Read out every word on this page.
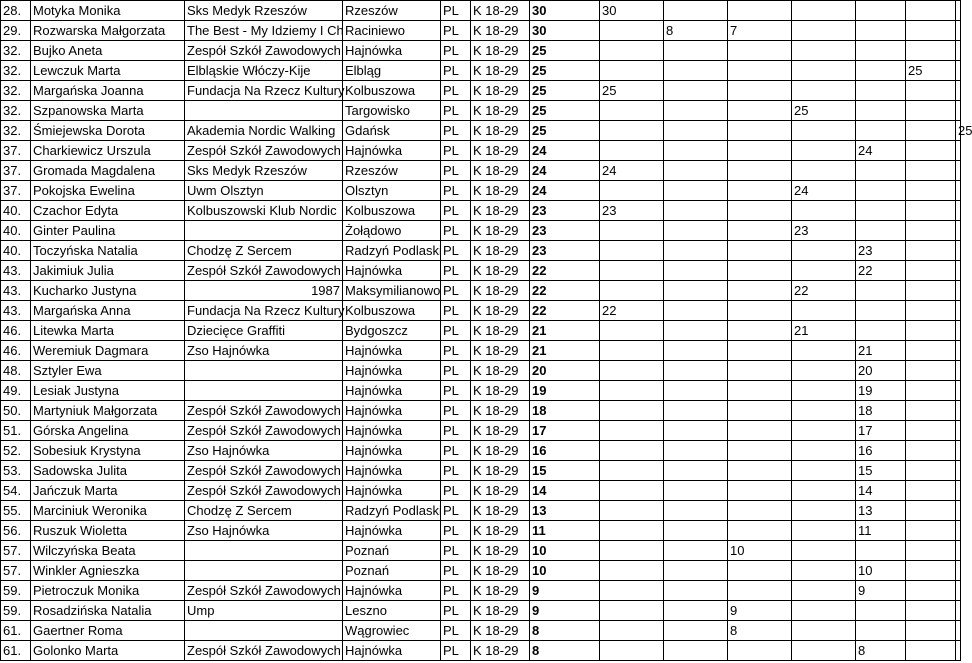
28.	Motyka Monika	Sks Medyk Rzeszów	Rzeszów	PL	K 18-29	30	30						
29.	Rozwarska Małgorzata	The Best - My Idziemy I Ch	Raciniewo	PL	K 18-29	30		8	7				
32.	Bujko Aneta	Zespół Szkół Zawodowych	Hajnówka	PL	K 18-29	25							
32.	Lewczuk Marta	Elbląskie Włóczy-Kije	Elbląg	PL	K 18-29	25						25	
32.	Margańska Joanna	Fundacja Na Rzecz Kultury	Kolbuszowa	PL	K 18-29	25	25						
32.	Szpanowska Marta		Targowisko	PL	K 18-29	25				25			
32.	Śmiejewska Dorota	Akademia Nordic Walking	Gdańsk	PL	K 18-29	25							25
37.	Charkiewicz Urszula	Zespół Szkół Zawodowych	Hajnówka	PL	K 18-29	24					24		
37.	Gromada Magdalena	Sks Medyk Rzeszów	Rzeszów	PL	K 18-29	24	24						
37.	Pokojska Ewelina	Uwm Olsztyn	Olsztyn	PL	K 18-29	24				24			
40.	Czachor Edyta	Kolbuszowski Klub Nordic	Kolbuszowa	PL	K 18-29	23	23						
40.	Ginter Paulina		Żołądowo	PL	K 18-29	23				23			
40.	Toczyńska Natalia	Chodzę Z Sercem	Radzyń Podlaski	PL	K 18-29	23					23		
43.	Jakimiuk Julia	Zespół Szkół Zawodowych	Hajnówka	PL	K 18-29	22					22		
43.	Kucharko Justyna	1987	Maksymilianowo	PL	K 18-29	22				22			
43.	Margańska Anna	Fundacja Na Rzecz Kultury	Kolbuszowa	PL	K 18-29	22	22						
46.	Litewka Marta	Dziecięce Graffiti	Bydgoszcz	PL	K 18-29	21				21			
46.	Weremiuk Dagmara	Zso Hajnówka	Hajnówka	PL	K 18-29	21					21		
48.	Sztyler Ewa		Hajnówka	PL	K 18-29	20					20		
49.	Lesiak Justyna		Hajnówka	PL	K 18-29	19					19		
50.	Martyniuk Małgorzata	Zespół Szkół Zawodowych	Hajnówka	PL	K 18-29	18					18		
51.	Górska Angelina	Zespół Szkół Zawodowych	Hajnówka	PL	K 18-29	17					17		
52.	Sobesiuk Krystyna	Zso Hajnówka	Hajnówka	PL	K 18-29	16					16		
53.	Sadowska Julita	Zespół Szkół Zawodowych	Hajnówka	PL	K 18-29	15					15		
54.	Jańczuk Marta	Zespół Szkół Zawodowych	Hajnówka	PL	K 18-29	14					14		
55.	Marciniuk Weronika	Chodzę Z Sercem	Radzyń Podlaski	PL	K 18-29	13					13		
56.	Ruszuk Wioletta	Zso Hajnówka	Hajnówka	PL	K 18-29	11					11		
57.	Wilczyńska Beata		Poznań	PL	K 18-29	10			10				
57.	Winkler Agnieszka		Poznań	PL	K 18-29	10					10		
59.	Pietroczuk Monika	Zespół Szkół Zawodowych	Hajnówka	PL	K 18-29	9					9		
59.	Rosadzińska Natalia	Ump	Leszno	PL	K 18-29	9			9				
61.	Gaertner Roma		Wągrowiec	PL	K 18-29	8			8				
61.	Golonko Marta	Zespół Szkół Zawodowych	Hajnówka	PL	K 18-29	8					8		
